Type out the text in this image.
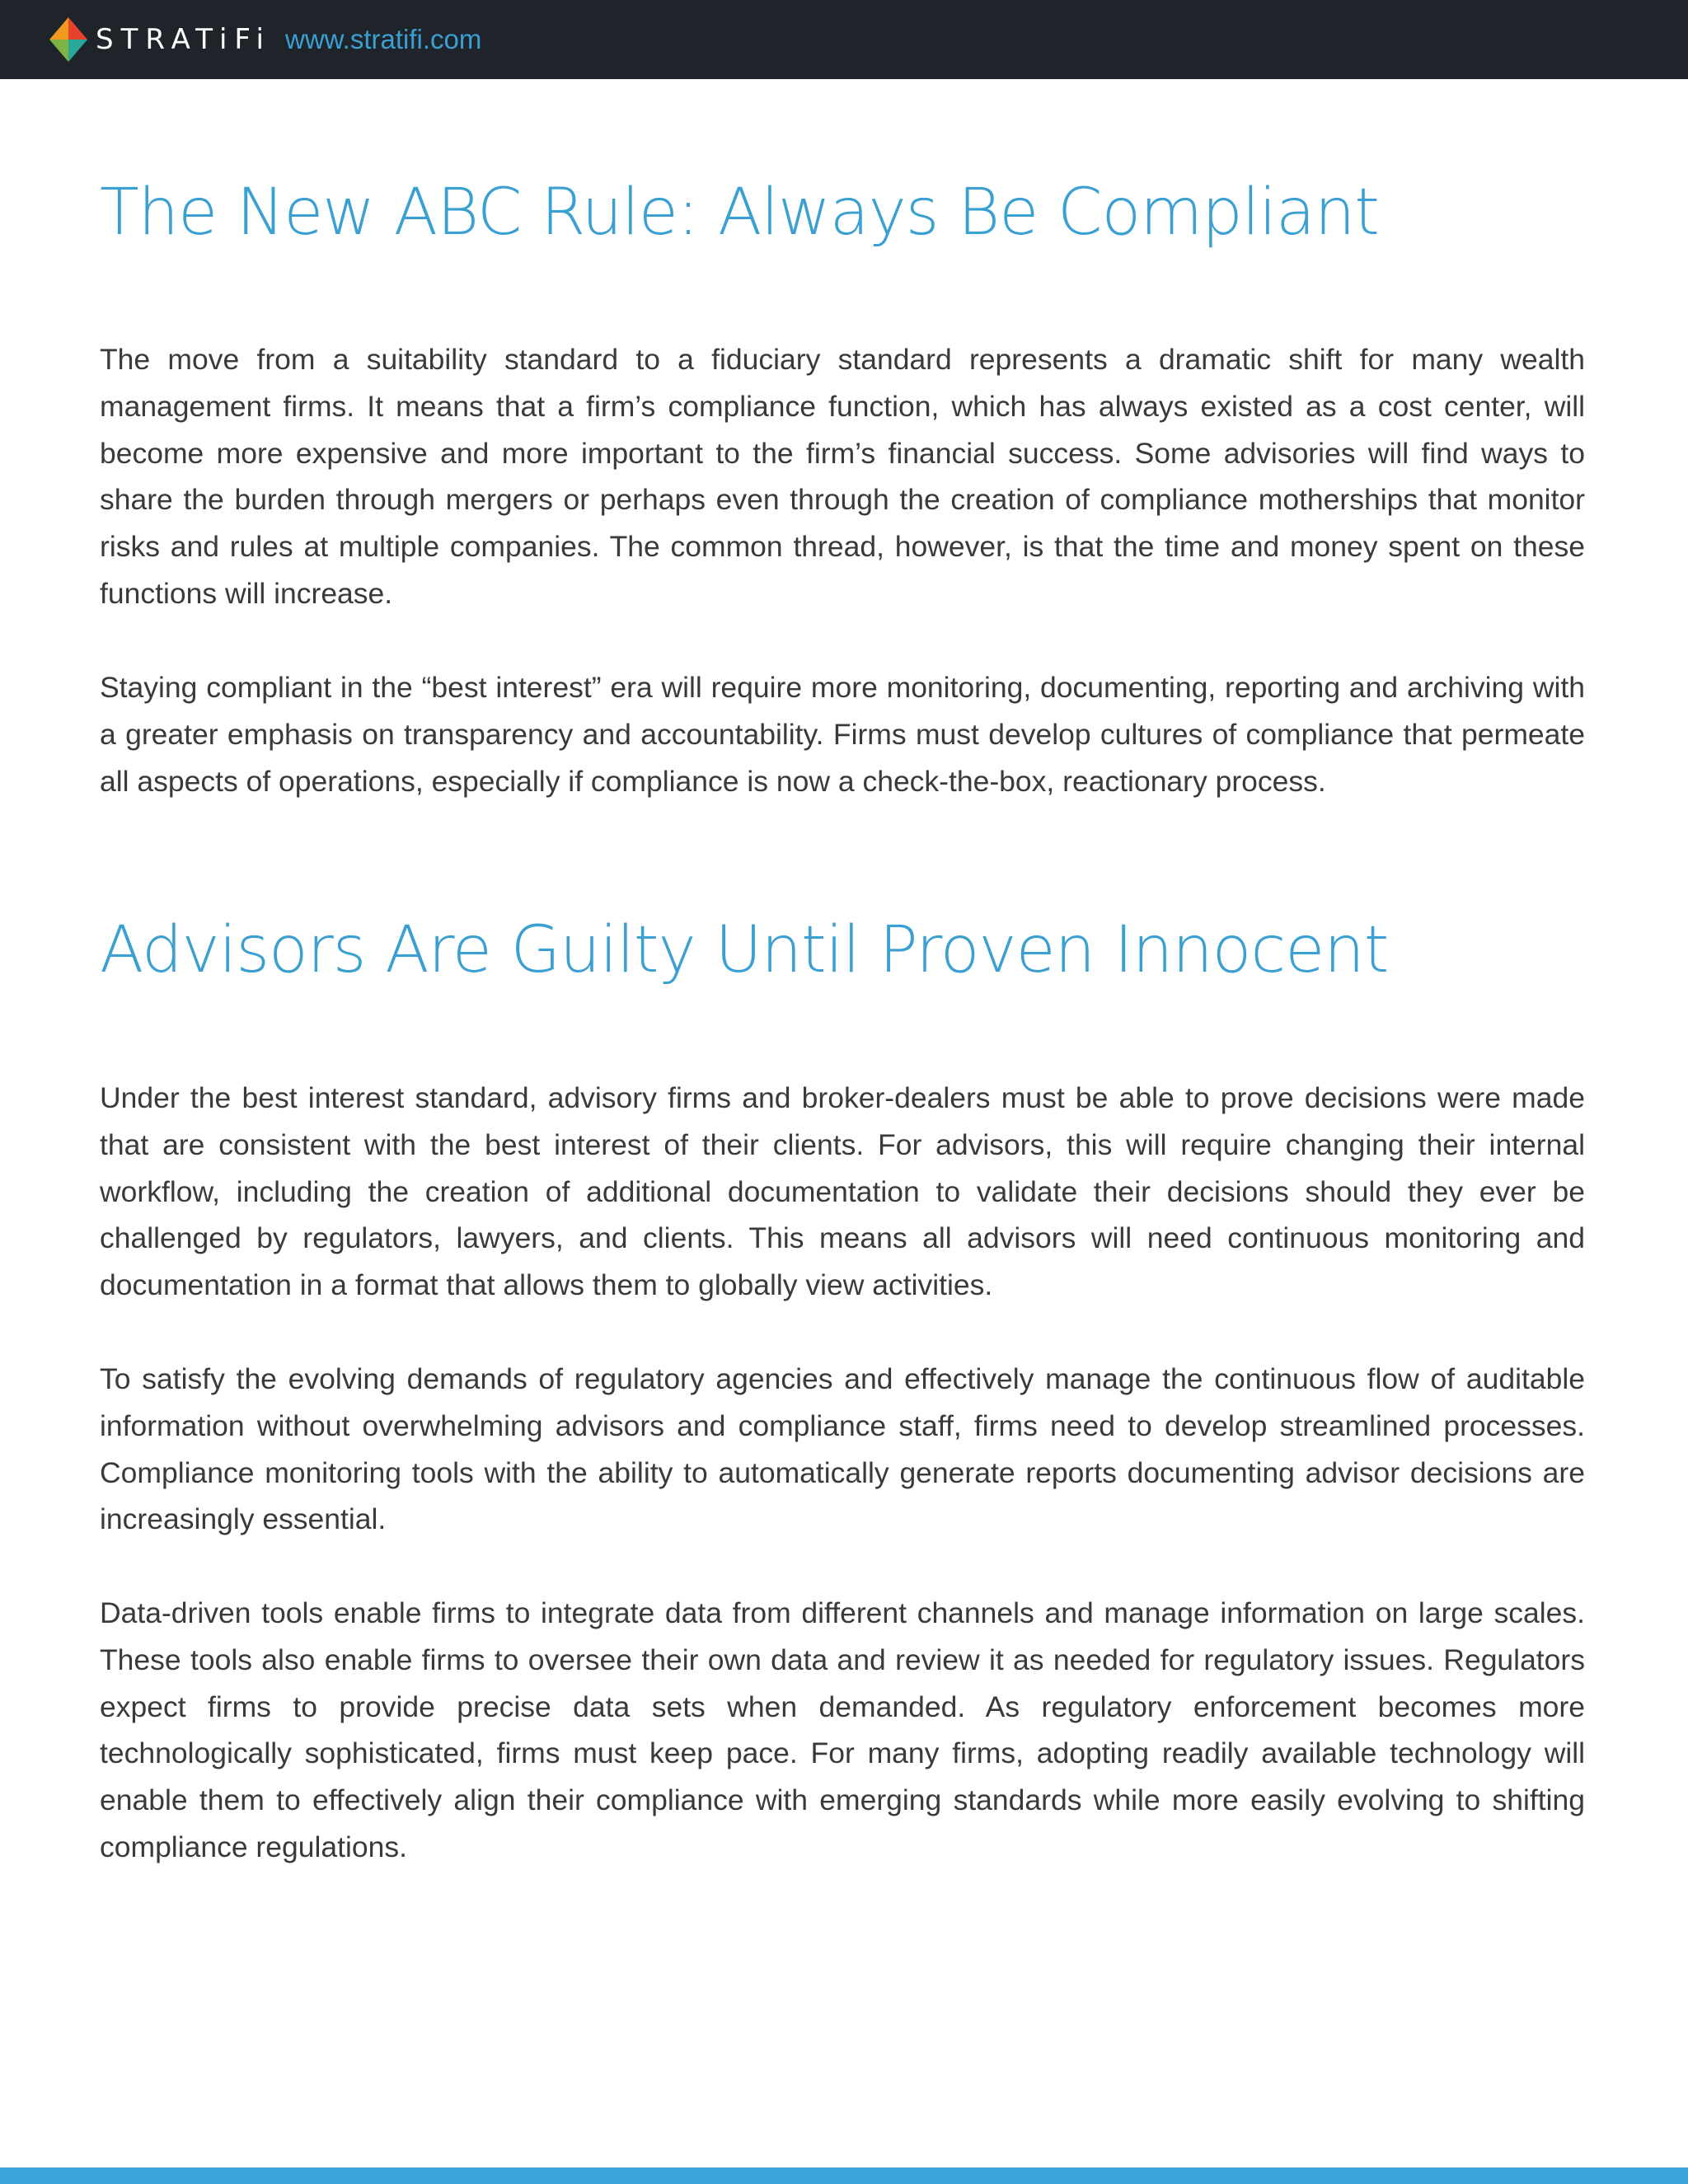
STRATiFi www.stratifi.com
The New ABC Rule: Always Be Compliant

The move from a suitability standard to a fiduciary standard represents a dramatic shift for many wealth management firms. It means that a firm’s compliance function, which has always existed as a cost center, will become more expensive and more important to the firm’s financial success. Some advisories will find ways to share the burden through mergers or perhaps even through the creation of compliance motherships that monitor risks and rules at multiple companies. The common thread, however, is that the time and money spent on these functions will increase.

Staying compliant in the “best interest” era will require more monitoring, documenting, reporting and archiving with a greater emphasis on transparency and accountability. Firms must develop cultures of compliance that permeate all aspects of operations, especially if compliance is now a check-the-box, reactionary process.

Advisors Are Guilty Until Proven Innocent

Under the best interest standard, advisory firms and broker-dealers must be able to prove decisions were made that are consistent with the best interest of their clients. For advisors, this will require changing their internal workflow, including the creation of additional documentation to validate their decisions should they ever be challenged by regulators, lawyers, and clients. This means all advisors will need continuous monitoring and documentation in a format that allows them to globally view activities.

To satisfy the evolving demands of regulatory agencies and effectively manage the continuous flow of auditable information without overwhelming advisors and compliance staff, firms need to develop streamlined processes. Compliance monitoring tools with the ability to automatically generate reports documenting advisor decisions are increasingly essential.

Data-driven tools enable firms to integrate data from different channels and manage information on large scales. These tools also enable firms to oversee their own data and review it as needed for regulatory issues. Regulators expect firms to provide precise data sets when demanded. As regulatory enforcement becomes more technologically sophisticated, firms must keep pace. For many firms, adopting readily available technology will enable them to effectively align their compliance with emerging standards while more easily evolving to shifting compliance regulations.
